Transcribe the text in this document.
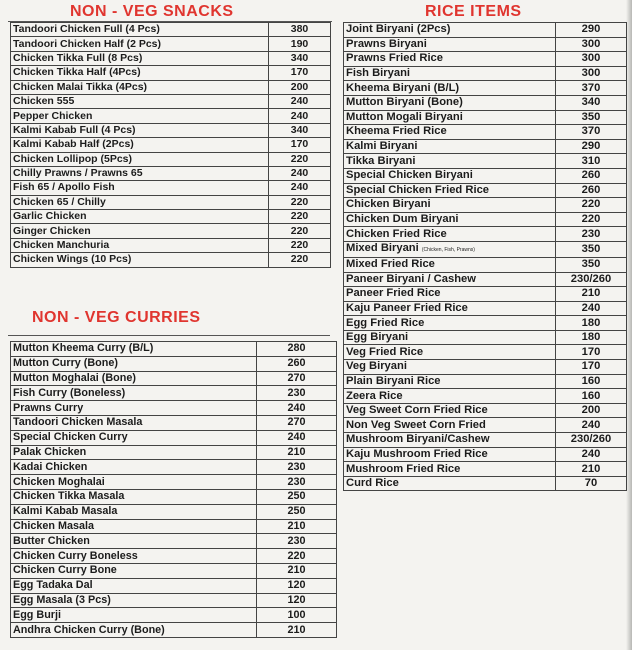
NON - VEG SNACKS	RICE ITEMS
NON - VEG CURRIES
Tandoori Chicken Full (4 Pcs)	380
Tandoori Chicken Half (2 Pcs)	190
Chicken Tikka Full (8 Pcs)	340
Chicken Tikka Half (4Pcs)	170
Chicken Malai Tikka (4Pcs)	200
Chicken 555	240
Pepper Chicken	240
Kalmi Kabab Full (4 Pcs)	340
Kalmi Kabab Half (2Pcs)	170
Chicken Lollipop (5Pcs)	220
Chilly Prawns / Prawns 65	240
Fish 65 / Apollo Fish	240
Chicken 65 / Chilly	220
Garlic Chicken	220
Ginger Chicken	220
Chicken Manchuria	220
Chicken Wings (10 Pcs)	220
Mutton Kheema Curry (B/L)	280
Mutton Curry (Bone)	260
Mutton Moghalai (Bone)	270
Fish Curry (Boneless)	230
Prawns Curry	240
Tandoori Chicken Masala	270
Special Chicken Curry	240
Palak Chicken	210
Kadai Chicken	230
Chicken Moghalai	230
Chicken Tikka Masala	250
Kalmi Kabab Masala	250
Chicken Masala	210
Butter Chicken	230
Chicken Curry Boneless	220
Chicken Curry Bone	210
Egg Tadaka Dal	120
Egg Masala (3 Pcs)	120
Egg Burji	100
Andhra Chicken Curry (Bone)	210
Joint Biryani (2Pcs)	290
Prawns Biryani	300
Prawns Fried Rice	300
Fish Biryani	300
Kheema Biryani (B/L)	370
Mutton Biryani (Bone)	340
Mutton Mogali Biryani	350
Kheema Fried Rice	370
Kalmi Biryani	290
Tikka Biryani	310
Special Chicken Biryani	260
Special Chicken Fried Rice	260
Chicken Biryani	220
Chicken Dum Biryani	220
Chicken Fried Rice	230
Mixed Biryani (Chicken, Fish, Prawns)	350
Mixed Fried Rice	350
Paneer Biryani / Cashew	230/260
Paneer Fried Rice	210
Kaju Paneer Fried Rice	240
Egg Fried Rice	180
Egg Biryani	180
Veg Fried Rice	170
Veg Biryani	170
Plain Biryani Rice	160
Zeera Rice	160
Veg Sweet Corn Fried Rice	200
Non Veg Sweet Corn Fried	240
Mushroom Biryani/Cashew	230/260
Kaju Mushroom Fried Rice	240
Mushroom Fried Rice	210
Curd Rice	70
